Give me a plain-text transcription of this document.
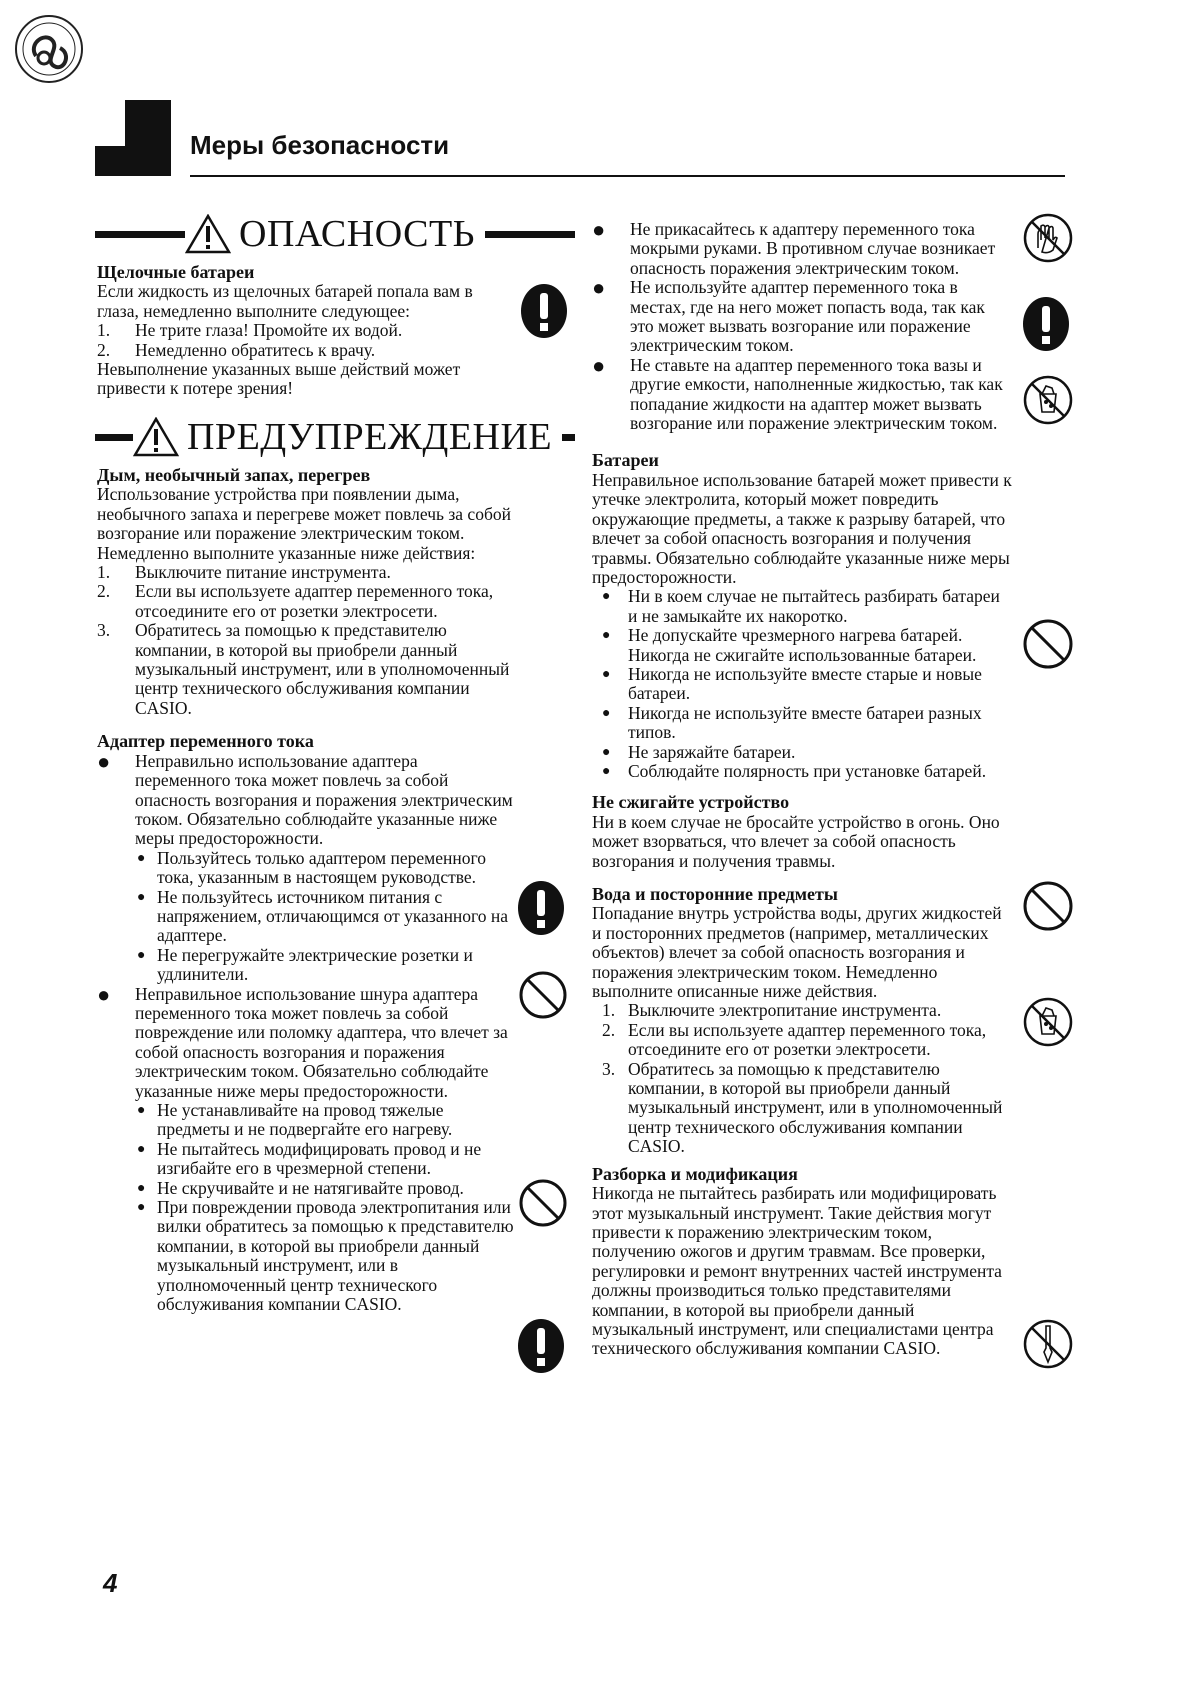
Меры безопасности
ОПАСНОСТЬ

Щелочные батареи

Если жидкость из щелочных батарей попала вам в глаза, немедленно выполните следующее:

1.	Не трите глаза! Промойте их водой.
2.	Немедленно обратитесь к врачу.

Невыполнение указанных выше действий может привести к потере зрения!

ПРЕДУПРЕЖДЕНИЕ

Дым, необычный запах, перегрев

Использование устройства при появлении дыма, необычного запаха и перегреве может повлечь за собой возгорание или поражение электрическим током. Немедленно выполните указанные ниже действия:

1.	Выключите питание инструмента.
2.	Если вы используете адаптер переменного тока, отсоедините его от розетки электросети.
3.	Обратитесь за помощью к представителю компании, в которой вы приобрели данный музыкальный инструмент, или в уполномоченный центр технического обслуживания компании CASIO.

Адаптер переменного тока

●	Неправильно использование адаптера переменного тока может повлечь за собой опасность возгорания и поражения электрическим током. Обязательно соблюдайте указанные ниже меры предосторожности.
● Пользуйтесь только адаптером переменного тока, указанным в настоящем руководстве.
● Не пользуйтесь источником питания с напряжением, отличающимся от указанного на адаптере.
● Не перегружайте электрические розетки и удлинители.
●	Неправильное использование шнура адаптера переменного тока может повлечь за собой повреждение или поломку адаптера, что влечет за собой опасность возгорания и поражения электрическим током. Обязательно соблюдайте указанные ниже меры предосторожности.
● Не устанавливайте на провод тяжелые предметы и не подвергайте его нагреву.
● Не пытайтесь модифицировать провод и не изгибайте его в чрезмерной степени.
● Не скручивайте и не натягивайте провод.
● При повреждении провода электропитания или вилки обратитесь за помощью к представителю компании, в которой вы приобрели данный музыкальный инструмент, или в уполномоченный центр технического обслуживания компании CASIO.
●	Не прикасайтесь к адаптеру переменного тока мокрыми руками. В противном случае возникает опасность поражения электрическим током.
●	Не используйте адаптер переменного тока в местах, где на него может попасть вода, так как это может вызвать возгорание или поражение электрическим током.
●	Не ставьте на адаптер переменного тока вазы и другие емкости, наполненные жидкостью, так как попадание жидкости на адаптер может вызвать возгорание или поражение электрическим током.

Батареи

Неправильное использование батарей может привести к утечке электролита, который может повредить окружающие предметы, а также к разрыву батарей, что влечет за собой опасность возгорания и получения травмы. Обязательно соблюдайте указанные ниже меры предосторожности.

●	Ни в коем случае не пытайтесь разбирать батареи и не замыкайте их накоротко.
●	Не допускайте чрезмерного нагрева батарей. Никогда не сжигайте использованные батареи.
●	Никогда не используйте вместе старые и новые батареи.
●	Никогда не используйте вместе батареи разных типов.
●	Не заряжайте батареи.
●	Соблюдайте полярность при установке батарей.

Не сжигайте устройство

Ни в коем случае не бросайте устройство в огонь. Оно может взорваться, что влечет за собой опасность возгорания и получения травмы.

Вода и посторонние предметы

Попадание внутрь устройства воды, других жидкостей и посторонних предметов (например, металлических объектов) влечет за собой опасность возгорания и поражения электрическим током. Немедленно выполните описанные ниже действия.

1. Выключите электропитание инструмента.
2. Если вы используете адаптер переменного тока, отсоедините его от розетки электросети.
3. Обратитесь за помощью к представителю компании, в которой вы приобрели данный музыкальный инструмент, или в уполномоченный центр технического обслуживания компании CASIO.

Разборка и модификация

Никогда не пытайтесь разбирать или модифицировать этот музыкальный инструмент. Такие действия могут привести к поражению электрическим током, получению ожогов и другим травмам. Все проверки, регулировки и ремонт внутренних частей инструмента должны производиться только представителями компании, в которой вы приобрели данный музыкальный инструмент, или специалистами центра технического обслуживания компании CASIO.

4
